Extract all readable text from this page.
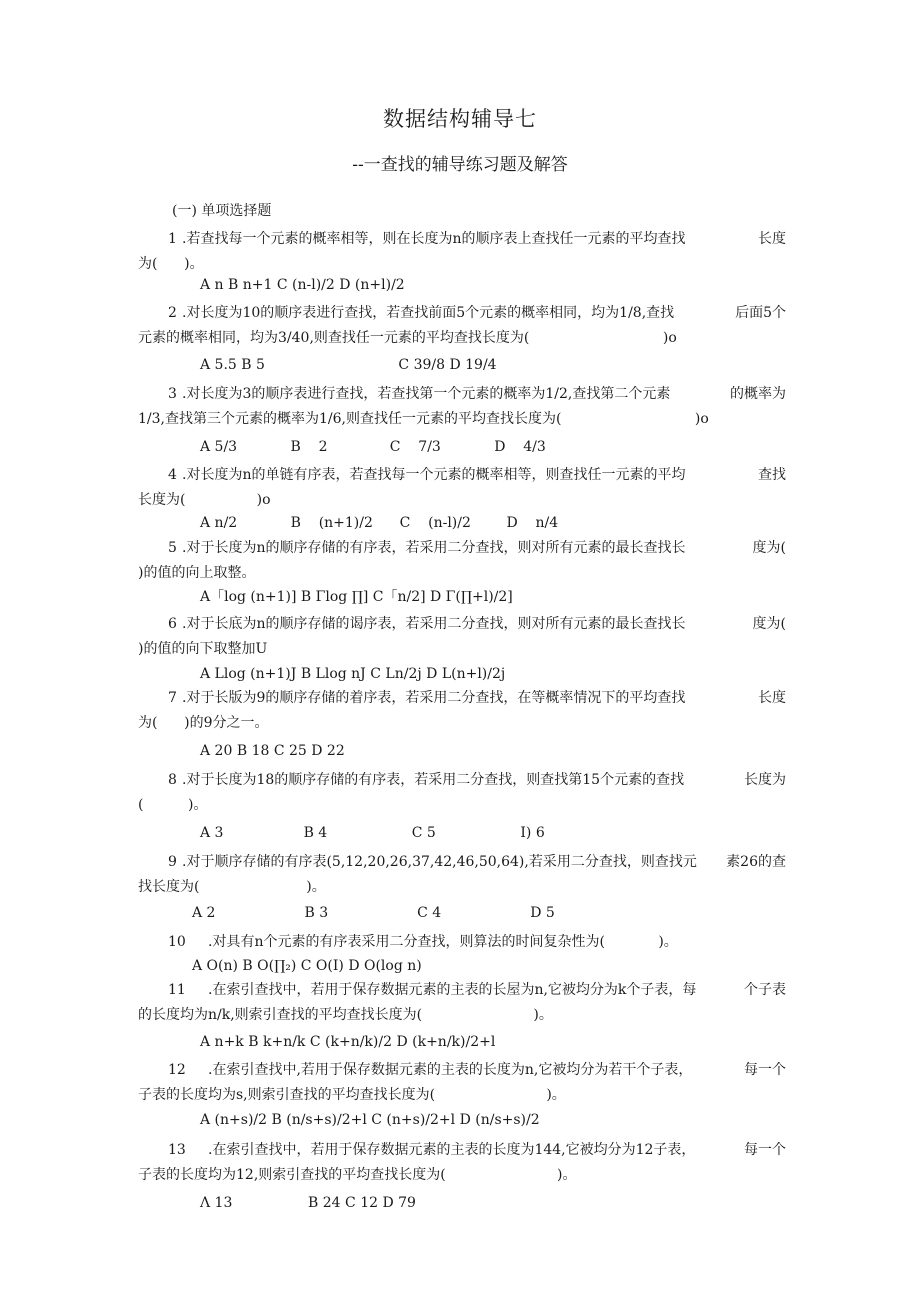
数据结构辅导七
--一查找的辅导练习题及解答
(一) 单项选择题
1 .若查找每一个元素的概率相等，则在长度为n的顺序表上查找任一元素的平均查找	长度
为(      )。
A n B n+1 C (n-l)∕2 D (n+l)∕2
2 .对长度为10的顺序表进行查找，若查找前面5个元素的概率相同，均为1/8,查找	后面5个
元素的概率相同，均为3/40,则查找任一元素的平均查找长度为(                              )o
A 5.5 B 5                              C 39/8 D 19/4
3 .对长度为3的顺序表进行查找，若查找第一个元素的概率为1/2,查找第二个元素	的概率为
1/3,查找第三个元素的概率为1/6,则查找任一元素的平均查找长度为(                              )o
A 5/3            B    2              C    7/3            D    4/3
4 .对长度为n的单链有序表，若查找每一个元素的概率相等，则查找任一元素的平均	查找
长度为(                )o
A n/2            B    (n+1)/2      C    (n-l)∕2        D    n/4
5 .对于长度为n的顺序存储的有序表，若采用二分查找，则对所有元素的最长查找长	度为(
)的值的向上取整。
A「log (n+1)] B Γlog ∏] C「n/2] D Γ(∏+l)∕2]
6 .对于长底为n的顺序存储的谒序表，若采用二分查找，则对所有元素的最长查找长	度为(
)的值的向下取整加U
A Llog (n+1)J B Llog nJ C Ln∕2j D L(n+l)∕2j
7 .对于长版为9的顺序存储的着序表，若采用二分查找，在等概率情况下的平均查找	长度
为(      )的9分之一。
A 20 B 18 C 25 D 22
8 .对于长度为18的顺序存储的有序表，若采用二分查找，则查找第15个元素的查找	长度为
(          )。
A 3                  B 4                   C 5                   I) 6
9 .对于顺序存储的有序表(5,12,20,26,37,42,46,50,64),若采用二分查找，则查找元 素26的查
找长度为(                        )。
A 2                    B 3                    C 4                    D 5
10 .对具有n个元素的有序表采用二分查找，则算法的时间复杂性为(            )。
A O(n) B O(∏₂) C O(I) D O(log n)
11 .在索引查找中，若用于保存数据元素的主表的长屋为n,它被均分为k个子表，每	个子表
的长度均为n∕k,则索引查找的平均查找长度为(                         )。
A n+k B k+n/k C (k+n∕k)∕2 D (k+n∕k)∕2+l
12 .在索引查找中,若用于保存数据元素的主表的长度为n,它被均分为若干个子表，	每一个
子表的长度均为s,则索引查找的平均查找长度为(                         )。
A (n+s)/2 B (n∕s+s)∕2+l C (n+s)∕2+l D (n∕s+s)∕2
13 .在索引查找中，若用于保存数据元素的主表的长度为144,它被均分为12子表，	每一个
子表的长度均为12,则索引查找的平均查找长度为(                         )。
Λ 13                 B 24 C 12 D 79
